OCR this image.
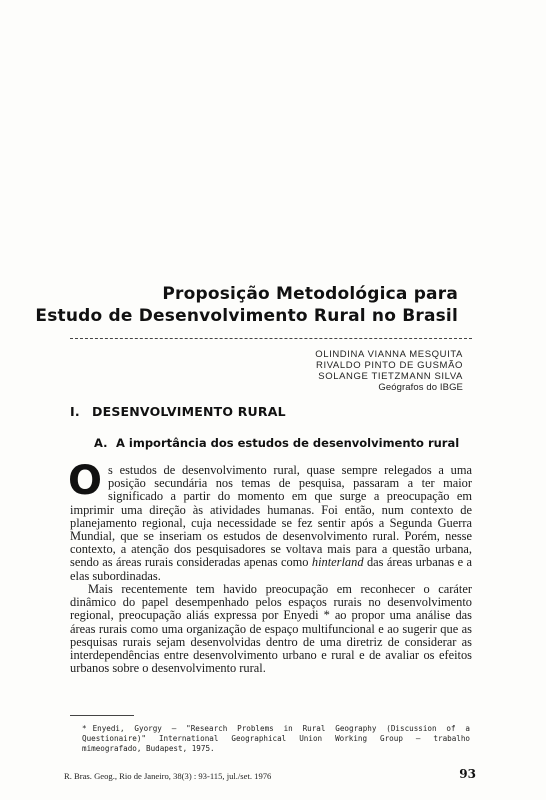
Proposição Metodológica para
Estudo de Desenvolvimento Rural no Brasil
OLINDINA VIANNA MESQUITA
RIVALDO PINTO DE GUSMÃO
SOLANGE TIETZMANN SILVA
Geógrafos do IBGE
I. DESENVOLVIMENTO RURAL
A. A importância dos estudos de desenvolvimento rural

Os estudos de desenvolvimento rural, quase sempre relegados a uma posição secundária nos temas de pesquisa, passaram a ter maior significado a partir do momento em que surge a preocupação em imprimir uma direção às atividades humanas. Foi então, num contexto de planejamento regional, cuja necessidade se fez sentir após a Segunda Guerra Mundial, que se inseriam os estudos de desenvolvimento rural. Porém, nesse contexto, a atenção dos pesquisadores se voltava mais para a questão urbana, sendo as áreas rurais consideradas apenas como hinterland das áreas urbanas e a elas subordinadas.

Mais recentemente tem havido preocupação em reconhecer o caráter dinâmico do papel desempenhado pelos espaços rurais no desenvolvimento regional, preocupação aliás expressa por Enyedi * ao propor uma análise das áreas rurais como uma organização de espaço multifuncional e ao sugerir que as pesquisas rurais sejam desenvolvidas dentro de uma diretriz de considerar as interdependências entre desenvolvimento urbano e rural e de avaliar os efeitos urbanos sobre o desenvolvimento rural.

* Enyedi, Gyorgy — "Research Problems in Rural Geography (Discussion of a Questionaire)" International Geographical Union Working Group — trabalho mimeografado, Budapest, 1975.

R. Bras. Geog., Rio de Janeiro, 38(3) : 93-115, jul./set. 1976	93
